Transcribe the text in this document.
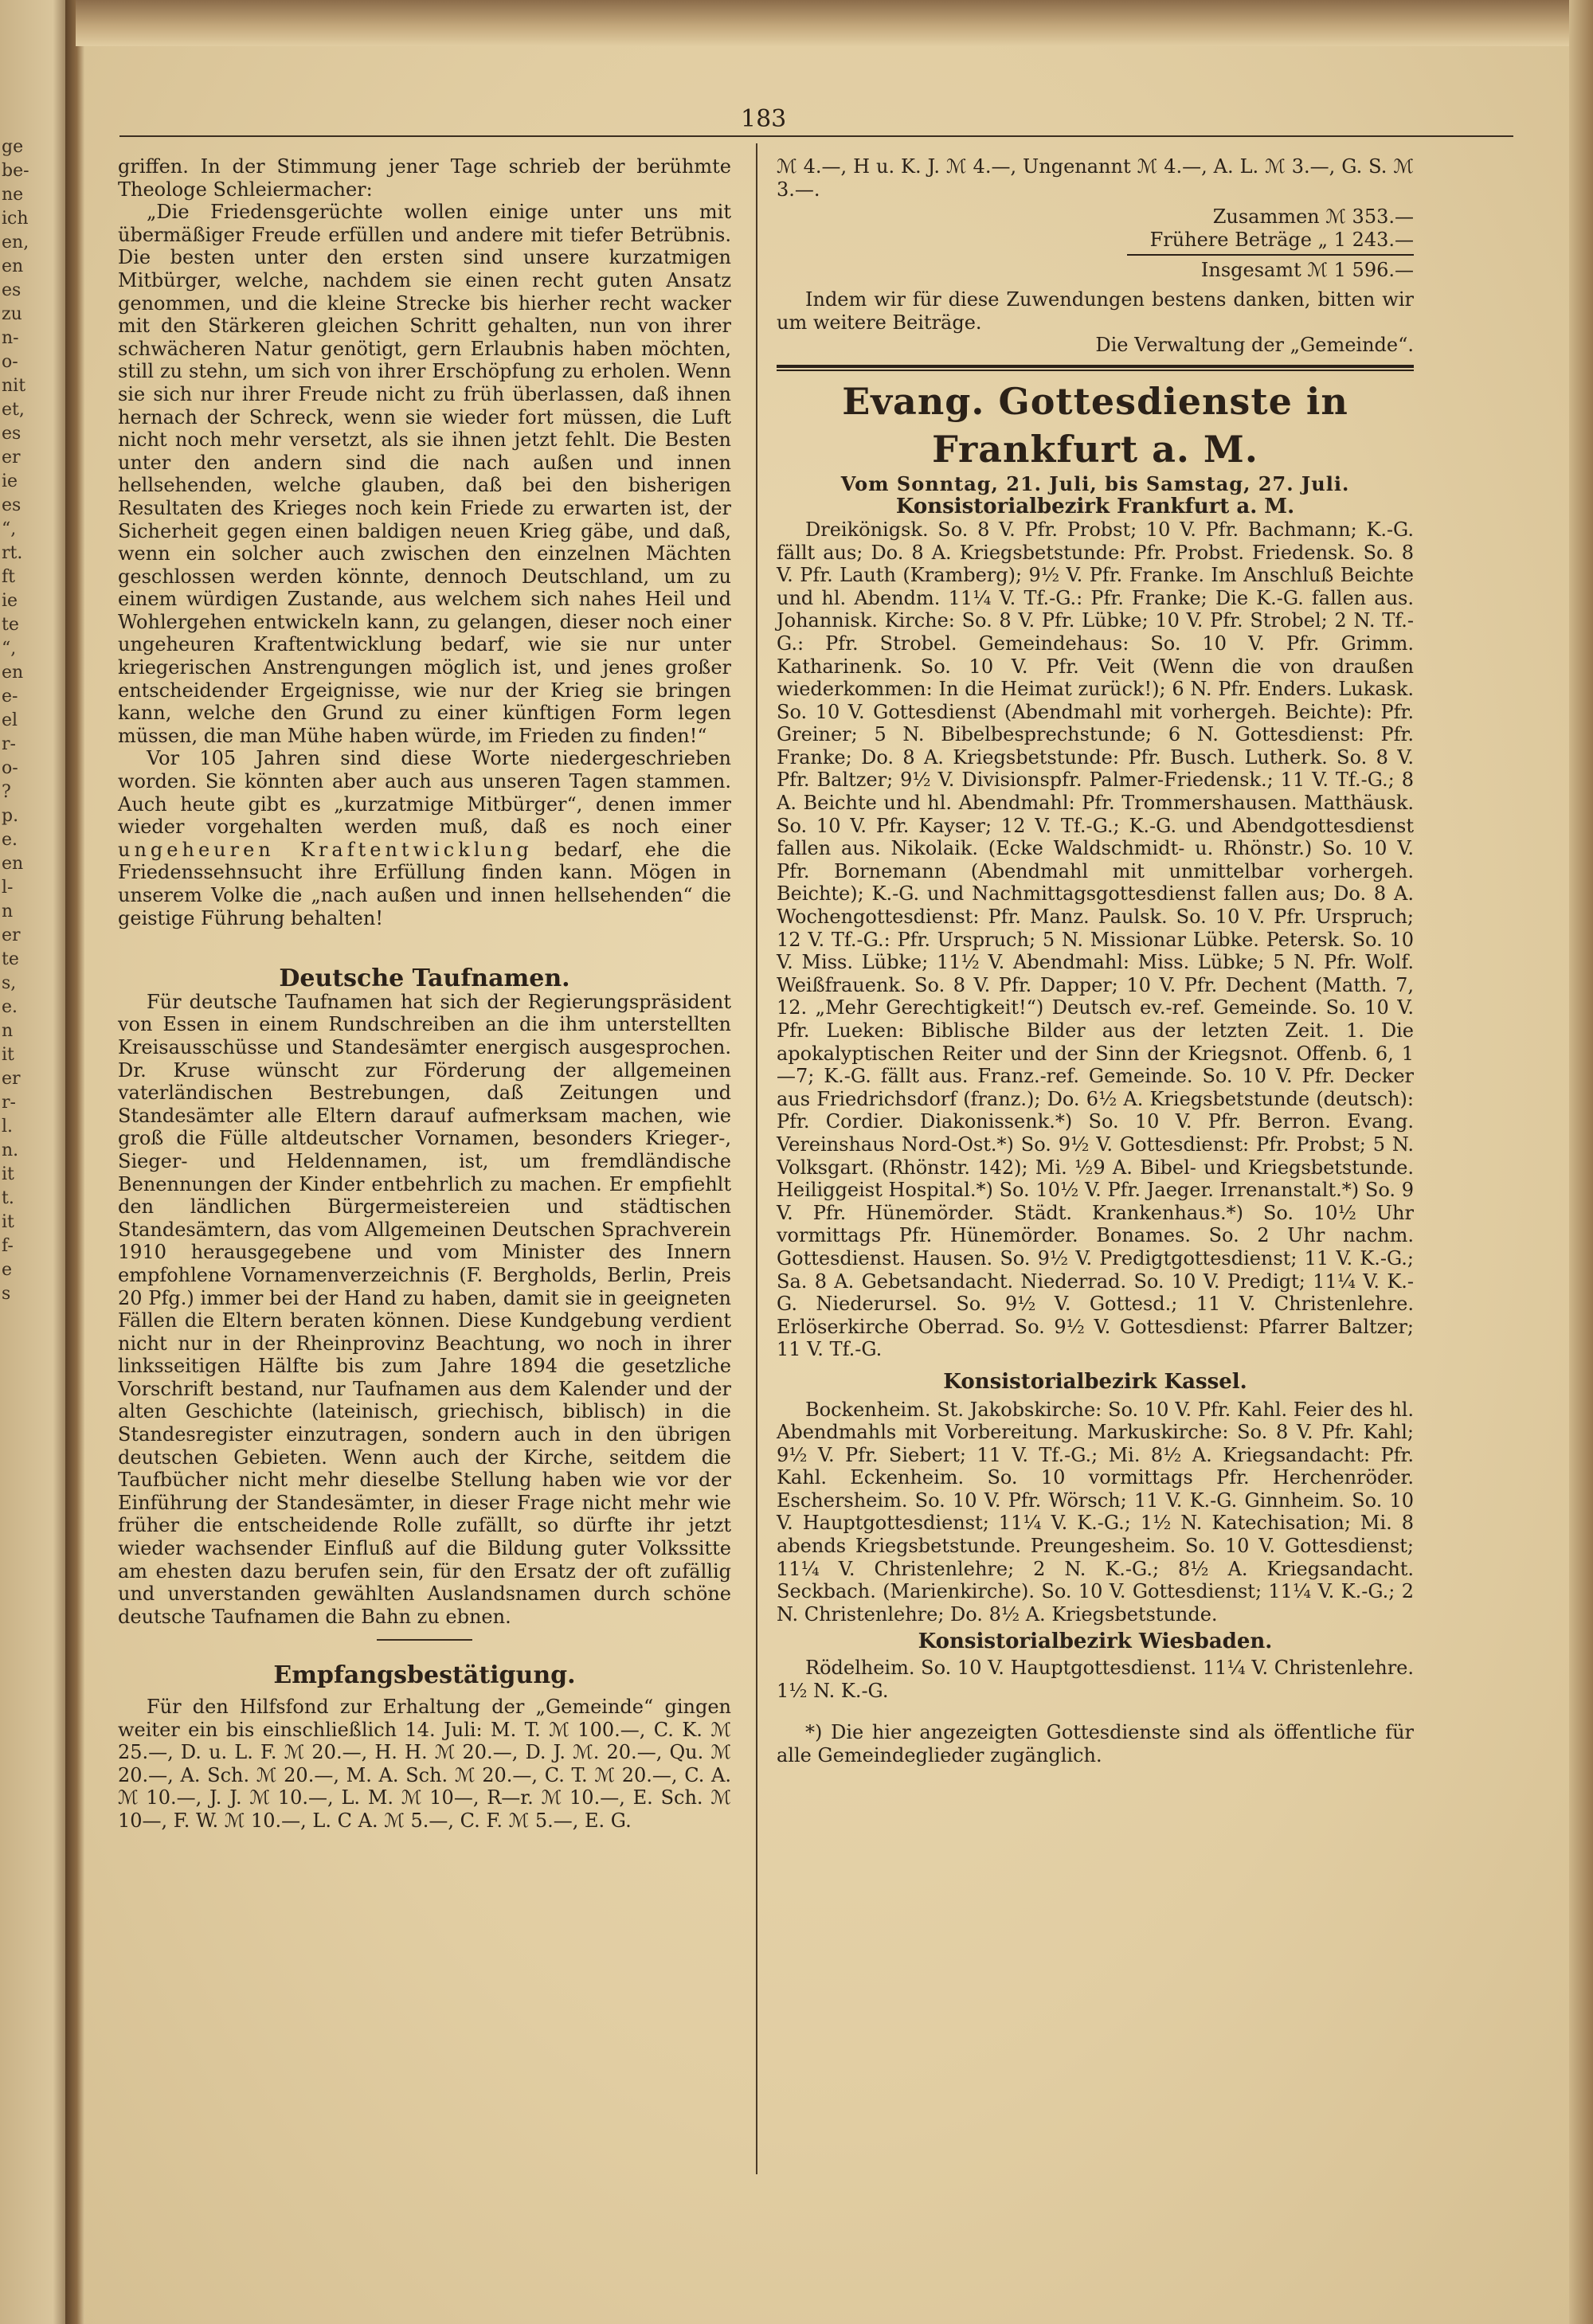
ge
be-
ne
ich
en,
en
es
zu
n-
o-
nit
et,
es
er
ie
es
“,
rt.
ft
ie
te
“,
en
e-
el
r-
o-
?
p.
e.
en
l-
n
er
te
s,
e.
n
it
er
r-
l.
n.
it
t.
it
f-
e
s
183

griffen. In der Stimmung jener Tage schrieb der berühmte Theologe Schleiermacher:

„Die Friedensgerüchte wollen einige unter uns mit übermäßiger Freude erfüllen und andere mit tiefer Betrübnis. Die besten unter den ersten sind unsere kurzatmigen Mitbürger, welche, nachdem sie einen recht guten Ansatz genommen, und die kleine Strecke bis hierher recht wacker mit den Stärkeren gleichen Schritt gehalten, nun von ihrer schwächeren Natur genötigt, gern Erlaubnis haben möchten, still zu stehn, um sich von ihrer Erschöpfung zu erholen. Wenn sie sich nur ihrer Freude nicht zu früh überlassen, daß ihnen hernach der Schreck, wenn sie wieder fort müssen, die Luft nicht noch mehr versetzt, als sie ihnen jetzt fehlt. Die Besten unter den andern sind die nach außen und innen hellsehenden, welche glauben, daß bei den bisherigen Resultaten des Krieges noch kein Friede zu erwarten ist, der Sicherheit gegen einen baldigen neuen Krieg gäbe, und daß, wenn ein solcher auch zwischen den einzelnen Mächten geschlossen werden könnte, dennoch Deutschland, um zu einem würdigen Zustande, aus welchem sich nahes Heil und Wohlergehen entwickeln kann, zu gelangen, dieser noch einer ungeheuren Kraftentwicklung bedarf, wie sie nur unter kriegerischen Anstrengungen möglich ist, und jenes großer entscheidender Ergeignisse, wie nur der Krieg sie bringen kann, welche den Grund zu einer künftigen Form legen müssen, die man Mühe haben würde, im Frieden zu finden!“

Vor 105 Jahren sind diese Worte niedergeschrieben worden. Sie könnten aber auch aus unseren Tagen stammen. Auch heute gibt es „kurzatmige Mitbürger“, denen immer wieder vorgehalten werden muß, daß es noch einer ungeheuren Kraftentwicklung bedarf, ehe die Friedenssehnsucht ihre Erfüllung finden kann. Mögen in unserem Volke die „nach außen und innen hellsehenden“ die geistige Führung behalten!

Deutsche Taufnamen.

Für deutsche Taufnamen hat sich der Regierungspräsident von Essen in einem Rundschreiben an die ihm unterstellten Kreisausschüsse und Standesämter energisch ausgesprochen. Dr. Kruse wünscht zur Förderung der allgemeinen vaterländischen Bestrebungen, daß Zeitungen und Standesämter alle Eltern darauf aufmerksam machen, wie groß die Fülle altdeutscher Vornamen, besonders Krieger-, Sieger- und Heldennamen, ist, um fremdländische Benennungen der Kinder entbehrlich zu machen. Er empfiehlt den ländlichen Bürgermeistereien und städtischen Standesämtern, das vom Allgemeinen Deutschen Sprachverein 1910 herausgegebene und vom Minister des Innern empfohlene Vornamenverzeichnis (F. Bergholds, Berlin, Preis 20 Pfg.) immer bei der Hand zu haben, damit sie in geeigneten Fällen die Eltern beraten können. Diese Kundgebung verdient nicht nur in der Rheinprovinz Beachtung, wo noch in ihrer linksseitigen Hälfte bis zum Jahre 1894 die gesetzliche Vorschrift bestand, nur Taufnamen aus dem Kalender und der alten Geschichte (lateinisch, griechisch, biblisch) in die Standesregister einzutragen, sondern auch in den übrigen deutschen Gebieten. Wenn auch der Kirche, seitdem die Taufbücher nicht mehr dieselbe Stellung haben wie vor der Einführung der Standesämter, in dieser Frage nicht mehr wie früher die entscheidende Rolle zufällt, so dürfte ihr jetzt wieder wachsender Einfluß auf die Bildung guter Volkssitte am ehesten dazu berufen sein, für den Ersatz der oft zufällig und unverstanden gewählten Auslandsnamen durch schöne deutsche Taufnamen die Bahn zu ebnen.

Empfangsbestätigung.

Für den Hilfsfond zur Erhaltung der „Gemeinde“ gingen weiter ein bis einschließlich 14. Juli: M. T. ℳ 100.—, C. K. ℳ 25.—, D. u. L. F. ℳ 20.—, H. H. ℳ 20.—, D. J. ℳ. 20.—, Qu. ℳ 20.—, A. Sch. ℳ 20.—, M. A. Sch. ℳ 20.—, C. T. ℳ 20.—, C. A. ℳ 10.—, J. J. ℳ 10.—, L. M. ℳ 10—, R—r. ℳ 10.—, E. Sch. ℳ 10—, F. W. ℳ 10.—, L. C A. ℳ 5.—, C. F. ℳ 5.—, E. G.

ℳ 4.—, H u. K. J. ℳ 4.—, Ungenannt ℳ 4.—, A. L. ℳ 3.—, G. S. ℳ 3.—.

Zusammen ℳ 353.—

Frühere Beträge „ 1 243.—

Insgesamt ℳ 1 596.—

Indem wir für diese Zuwendungen bestens danken, bitten wir um weitere Beiträge.

Die Verwaltung der „Gemeinde“.

Evang. Gottesdienste in Frankfurt a. M.

Vom Sonntag, 21. Juli, bis Samstag, 27. Juli.

Konsistorialbezirk Frankfurt a. M.

Dreikönigsk. So. 8 V. Pfr. Probst; 10 V. Pfr. Bachmann; K.-G. fällt aus; Do. 8 A. Kriegsbetstunde: Pfr. Probst. Friedensk. So. 8 V. Pfr. Lauth (Kramberg); 9½ V. Pfr. Franke. Im Anschluß Beichte und hl. Abendm. 11¼ V. Tf.-G.: Pfr. Franke; Die K.-G. fallen aus. Johannisk. Kirche: So. 8 V. Pfr. Lübke; 10 V. Pfr. Strobel; 2 N. Tf.-G.: Pfr. Strobel. Gemeindehaus: So. 10 V. Pfr. Grimm. Katharinenk. So. 10 V. Pfr. Veit (Wenn die von draußen wiederkommen: In die Heimat zurück!); 6 N. Pfr. Enders. Lukask. So. 10 V. Gottesdienst (Abendmahl mit vorhergeh. Beichte): Pfr. Greiner; 5 N. Bibelbesprechstunde; 6 N. Gottesdienst: Pfr. Franke; Do. 8 A. Kriegsbetstunde: Pfr. Busch. Lutherk. So. 8 V. Pfr. Baltzer; 9½ V. Divisionspfr. Palmer-Friedensk.; 11 V. Tf.-G.; 8 A. Beichte und hl. Abendmahl: Pfr. Trommershausen. Matthäusk. So. 10 V. Pfr. Kayser; 12 V. Tf.-G.; K.-G. und Abendgottesdienst fallen aus. Nikolaik. (Ecke Waldschmidt- u. Rhönstr.) So. 10 V. Pfr. Bornemann (Abendmahl mit unmittelbar vorhergeh. Beichte); K.-G. und Nachmittagsgottesdienst fallen aus; Do. 8 A. Wochengottesdienst: Pfr. Manz. Paulsk. So. 10 V. Pfr. Urspruch; 12 V. Tf.-G.: Pfr. Urspruch; 5 N. Missionar Lübke. Petersk. So. 10 V. Miss. Lübke; 11½ V. Abendmahl: Miss. Lübke; 5 N. Pfr. Wolf. Weißfrauenk. So. 8 V. Pfr. Dapper; 10 V. Pfr. Dechent (Matth. 7, 12. „Mehr Gerechtigkeit!“) Deutsch ev.-ref. Gemeinde. So. 10 V. Pfr. Lueken: Biblische Bilder aus der letzten Zeit. 1. Die apokalyptischen Reiter und der Sinn der Kriegsnot. Offenb. 6, 1—7; K.-G. fällt aus. Franz.-ref. Gemeinde. So. 10 V. Pfr. Decker aus Friedrichsdorf (franz.); Do. 6½ A. Kriegsbetstunde (deutsch): Pfr. Cordier. Diakonissenk.*) So. 10 V. Pfr. Berron. Evang. Vereinshaus Nord-Ost.*) So. 9½ V. Gottesdienst: Pfr. Probst; 5 N. Volksgart. (Rhönstr. 142); Mi. ½9 A. Bibel- und Kriegsbetstunde. Heiliggeist Hospital.*) So. 10½ V. Pfr. Jaeger. Irrenanstalt.*) So. 9 V. Pfr. Hünemörder. Städt. Krankenhaus.*) So. 10½ Uhr vormittags Pfr. Hünemörder. Bonames. So. 2 Uhr nachm. Gottesdienst. Hausen. So. 9½ V. Predigtgottesdienst; 11 V. K.-G.; Sa. 8 A. Gebetsandacht. Niederrad. So. 10 V. Predigt; 11¼ V. K.-G. Niederursel. So. 9½ V. Gottesd.; 11 V. Christenlehre. Erlöserkirche Oberrad. So. 9½ V. Gottesdienst: Pfarrer Baltzer; 11 V. Tf.-G.

Konsistorialbezirk Kassel.

Bockenheim. St. Jakobskirche: So. 10 V. Pfr. Kahl. Feier des hl. Abendmahls mit Vorbereitung. Markuskirche: So. 8 V. Pfr. Kahl; 9½ V. Pfr. Siebert; 11 V. Tf.-G.; Mi. 8½ A. Kriegsandacht: Pfr. Kahl. Eckenheim. So. 10 vormittags Pfr. Herchenröder. Eschersheim. So. 10 V. Pfr. Wörsch; 11 V. K.-G. Ginnheim. So. 10 V. Hauptgottesdienst; 11¼ V. K.-G.; 1½ N. Katechisation; Mi. 8 abends Kriegsbetstunde. Preungesheim. So. 10 V. Gottesdienst; 11¼ V. Christenlehre; 2 N. K.-G.; 8½ A. Kriegsandacht. Seckbach. (Marienkirche). So. 10 V. Gottesdienst; 11¼ V. K.-G.; 2 N. Christenlehre; Do. 8½ A. Kriegsbetstunde.

Konsistorialbezirk Wiesbaden.

Rödelheim. So. 10 V. Hauptgottesdienst. 11¼ V. Christenlehre. 1½ N. K.-G.

*) Die hier angezeigten Gottesdienste sind als öffentliche für alle Gemeindeglieder zugänglich.
